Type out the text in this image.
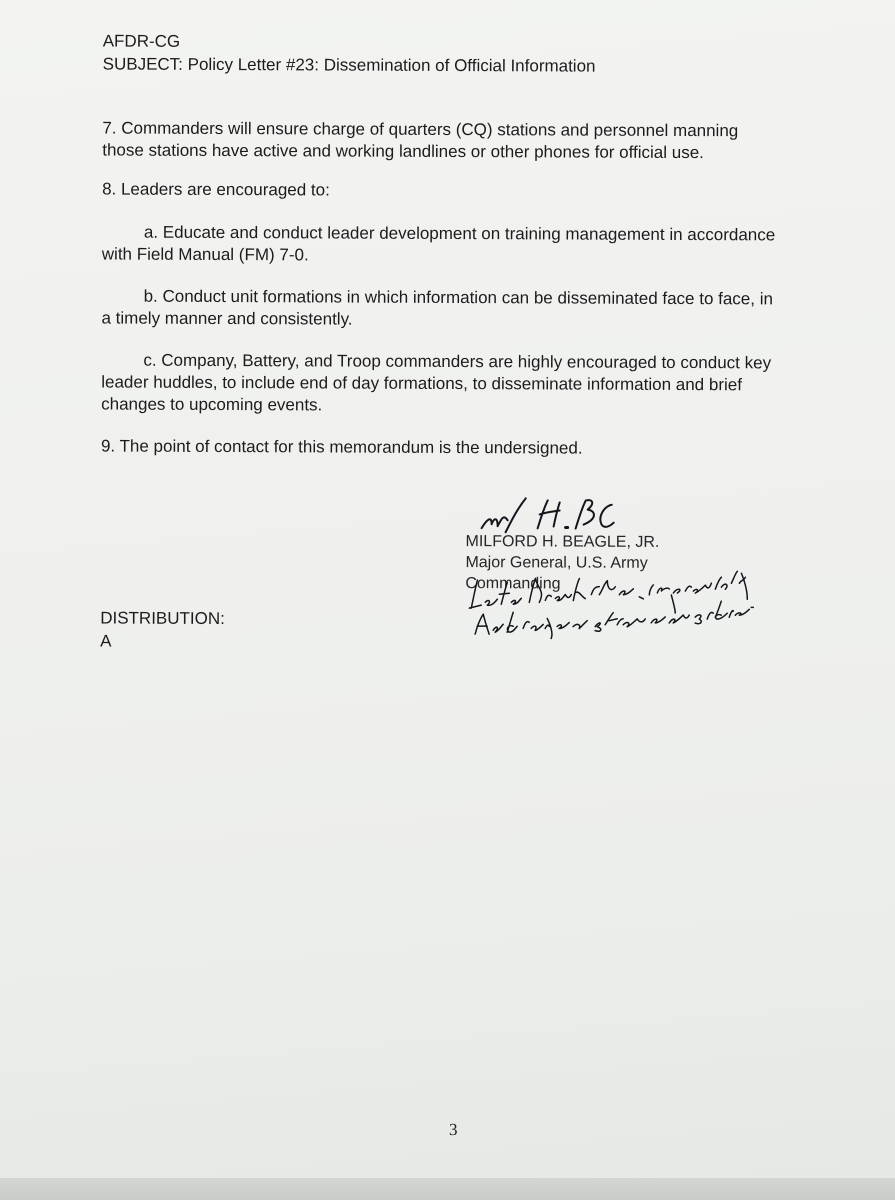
AFDR-CG
SUBJECT: Policy Letter #23: Dissemination of Official Information
7. Commanders will ensure charge of quarters (CQ) stations and personnel manning
those stations have active and working landlines or other phones for official use.
8. Leaders are encouraged to:
a. Educate and conduct leader development on training management in accordance
with Field Manual (FM) 7-0.
b. Conduct unit formations in which information can be disseminated face to face, in
a timely manner and consistently.
c. Company, Battery, and Troop commanders are highly encouraged to conduct key
leader huddles, to include end of day formations, to disseminate information and brief
changes to upcoming events.
9. The point of contact for this memorandum is the undersigned.
MILFORD H. BEAGLE, JR.
Major General, U.S. Army
Commanding
DISTRIBUTION:
A
3
